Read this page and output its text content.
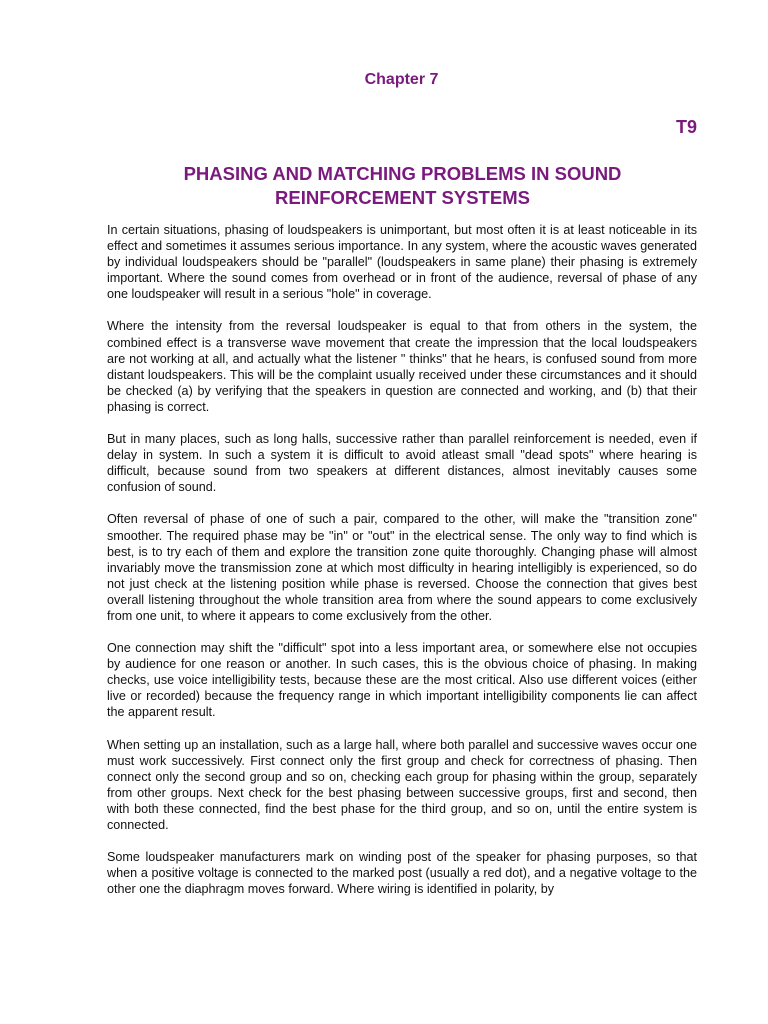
Chapter 7
T9
PHASING AND MATCHING PROBLEMS IN SOUND
REINFORCEMENT SYSTEMS

In certain situations, phasing of loudspeakers is unimportant, but most often it is at least noticeable in its effect and sometimes it assumes serious importance. In any system, where the acoustic waves generated by individual loudspeakers should be "parallel" (loudspeakers in same plane) their phasing is extremely important. Where the sound comes from overhead or in front of the audience, reversal of phase of any one loudspeaker will result in a serious "hole" in coverage.

Where the intensity from the reversal loudspeaker is equal to that from others in the system, the combined effect is a transverse wave movement that create the impression that the local loudspeakers are not working at all, and actually what the listener " thinks" that he hears, is confused sound from more distant loudspeakers. This will be the complaint usually received under these circumstances and it should be checked (a) by verifying that the speakers in question are connected and working, and (b) that their phasing is correct.

But in many places, such as long halls, successive rather than parallel reinforcement is needed, even if delay in system. In such a system it is difficult to avoid atleast small "dead spots" where hearing is difficult, because sound from two speakers at different distances, almost inevitably causes some confusion of sound.

Often reversal of phase of one of such a pair, compared to the other, will make the "transition zone" smoother. The required phase may be "in" or "out" in the electrical sense. The only way to find which is best, is to try each of them and explore the transition zone quite thoroughly. Changing phase will almost invariably move the transmission zone at which most difficulty in hearing intelligibly is experienced, so do not just check at the listening position while phase is reversed. Choose the connection that gives best overall listening throughout the whole transition area from where the sound appears to come exclusively from one unit, to where it appears to come exclusively from the other.

One connection may shift the "difficult" spot into a less important area, or somewhere else not occupies by audience for one reason or another. In such cases, this is the obvious choice of phasing. In making checks, use voice intelligibility tests, because these are the most critical. Also use different voices (either live or recorded) because the frequency range in which important intelligibility components lie can affect the apparent result.

When setting up an installation, such as a large hall, where both parallel and successive waves occur one must work successively. First connect only the first group and check for correctness of phasing. Then connect only the second group and so on, checking each group for phasing within the group, separately from other groups. Next check for the best phasing between successive groups, first and second, then with both these connected, find the best phase for the third group, and so on, until the entire system is connected.

Some loudspeaker manufacturers mark on winding post of the speaker for phasing purposes, so that when a positive voltage is connected to the marked post (usually a red dot), and a negative voltage to the other one the diaphragm moves forward. Where wiring is identified in polarity, by
